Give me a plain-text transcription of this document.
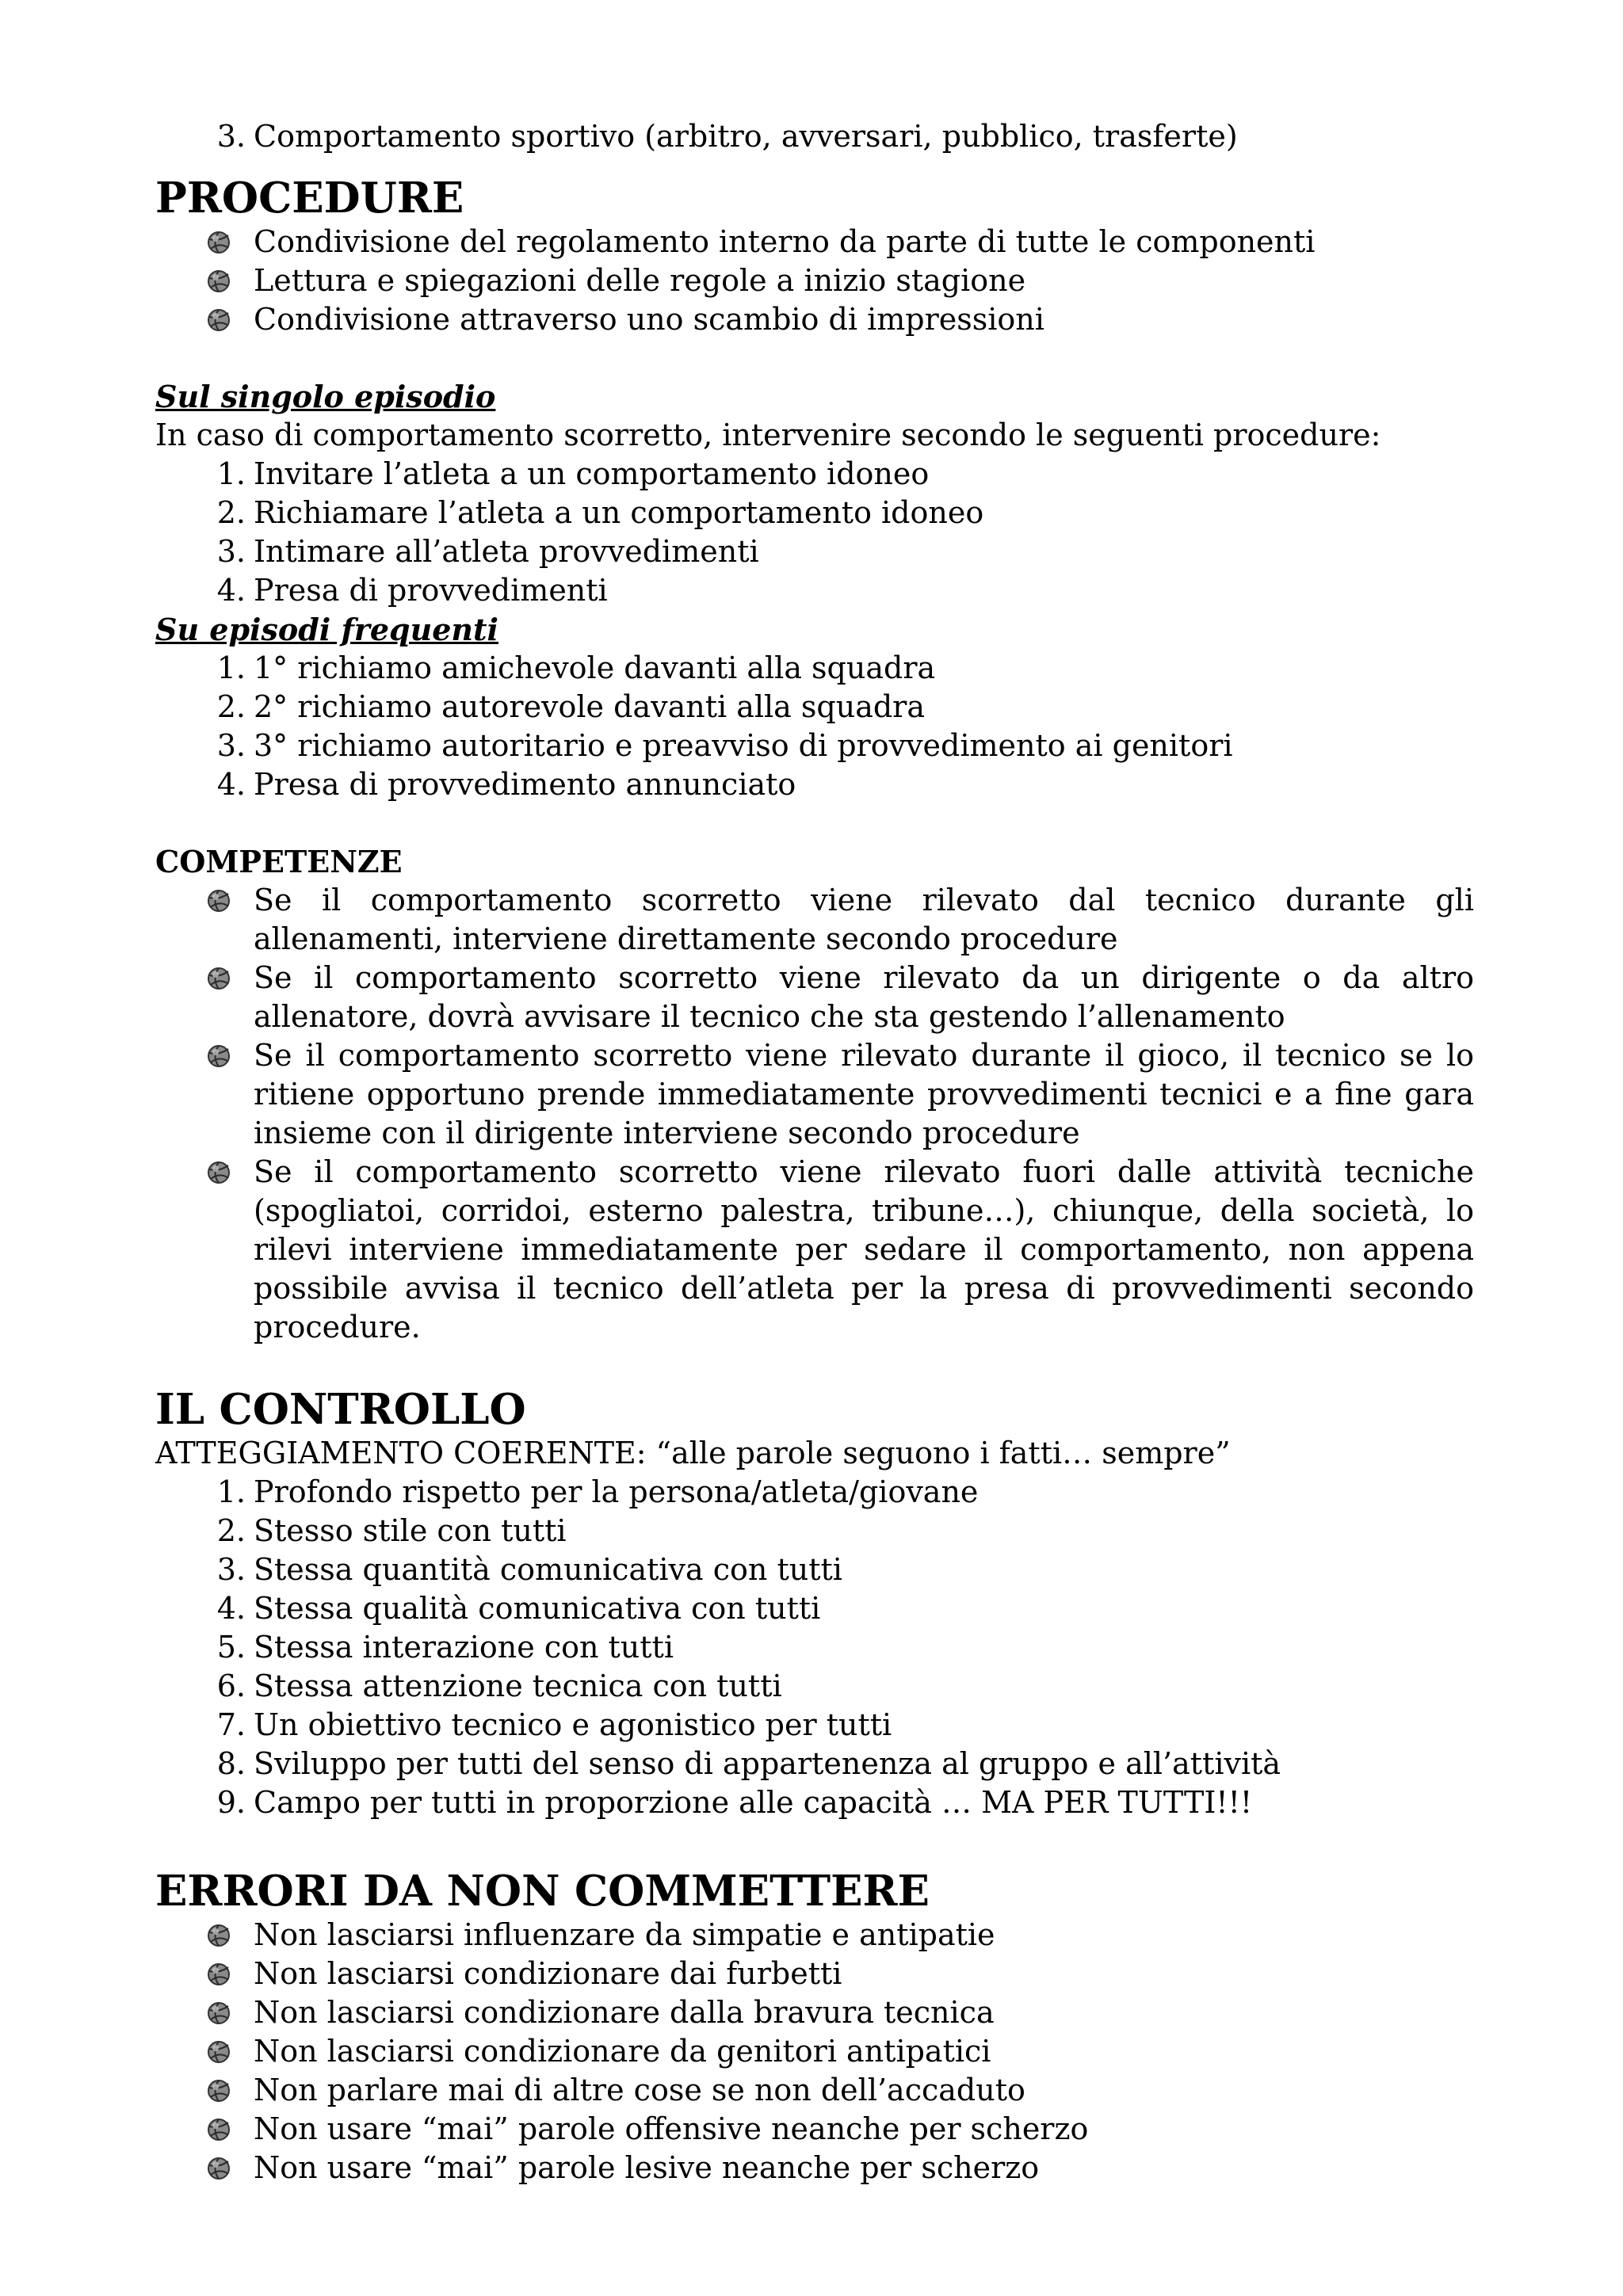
3. Comportamento sportivo (arbitro, avversari, pubblico, trasferte)
PROCEDURE
Condivisione del regolamento interno da parte di tutte le componenti
Lettura e spiegazioni delle regole a inizio stagione
Condivisione attraverso uno scambio di impressioni

Sul singolo episodio

In caso di comportamento scorretto, intervenire secondo le seguenti procedure:

1. Invitare l’atleta a un comportamento idoneo
2. Richiamare l’atleta a un comportamento idoneo
3. Intimare all’atleta provvedimenti
4. Presa di provvedimenti

Su episodi frequenti

1. 1° richiamo amichevole davanti alla squadra
2. 2° richiamo autorevole davanti alla squadra
3. 3° richiamo autoritario e preavviso di provvedimento ai genitori
4. Presa di provvedimento annunciato

COMPETENZE

Se il comportamento scorretto viene rilevato dal tecnico durante gli allenamenti, interviene direttamente secondo procedure
Se il comportamento scorretto viene rilevato da un dirigente o da altro allenatore, dovrà avvisare il tecnico che sta gestendo l’allenamento
Se il comportamento scorretto viene rilevato durante il gioco, il tecnico se lo ritiene opportuno prende immediatamente provvedimenti tecnici e a fine gara insieme con il dirigente interviene secondo procedure
Se il comportamento scorretto viene rilevato fuori dalle attività tecniche (spogliatoi, corridoi, esterno palestra, tribune…), chiunque, della società, lo rilevi interviene immediatamente per sedare il comportamento, non appena possibile avvisa il tecnico dell’atleta per la presa di provvedimenti secondo procedure.
IL CONTROLLO

ATTEGGIAMENTO COERENTE: “alle parole seguono i fatti… sempre”

1. Profondo rispetto per la persona/atleta/giovane
2. Stesso stile con tutti
3. Stessa quantità comunicativa con tutti
4. Stessa qualità comunicativa con tutti
5. Stessa interazione con tutti
6. Stessa attenzione tecnica con tutti
7. Un obiettivo tecnico e agonistico per tutti
8. Sviluppo per tutti del senso di appartenenza al gruppo e all’attività
9. Campo per tutti in proporzione alle capacità … MA PER TUTTI!!!
ERRORI DA NON COMMETTERE
Non lasciarsi influenzare da simpatie e antipatie
Non lasciarsi condizionare dai furbetti
Non lasciarsi condizionare dalla bravura tecnica
Non lasciarsi condizionare da genitori antipatici
Non parlare mai di altre cose se non dell’accaduto
Non usare “mai” parole offensive neanche per scherzo
Non usare “mai” parole lesive neanche per scherzo
